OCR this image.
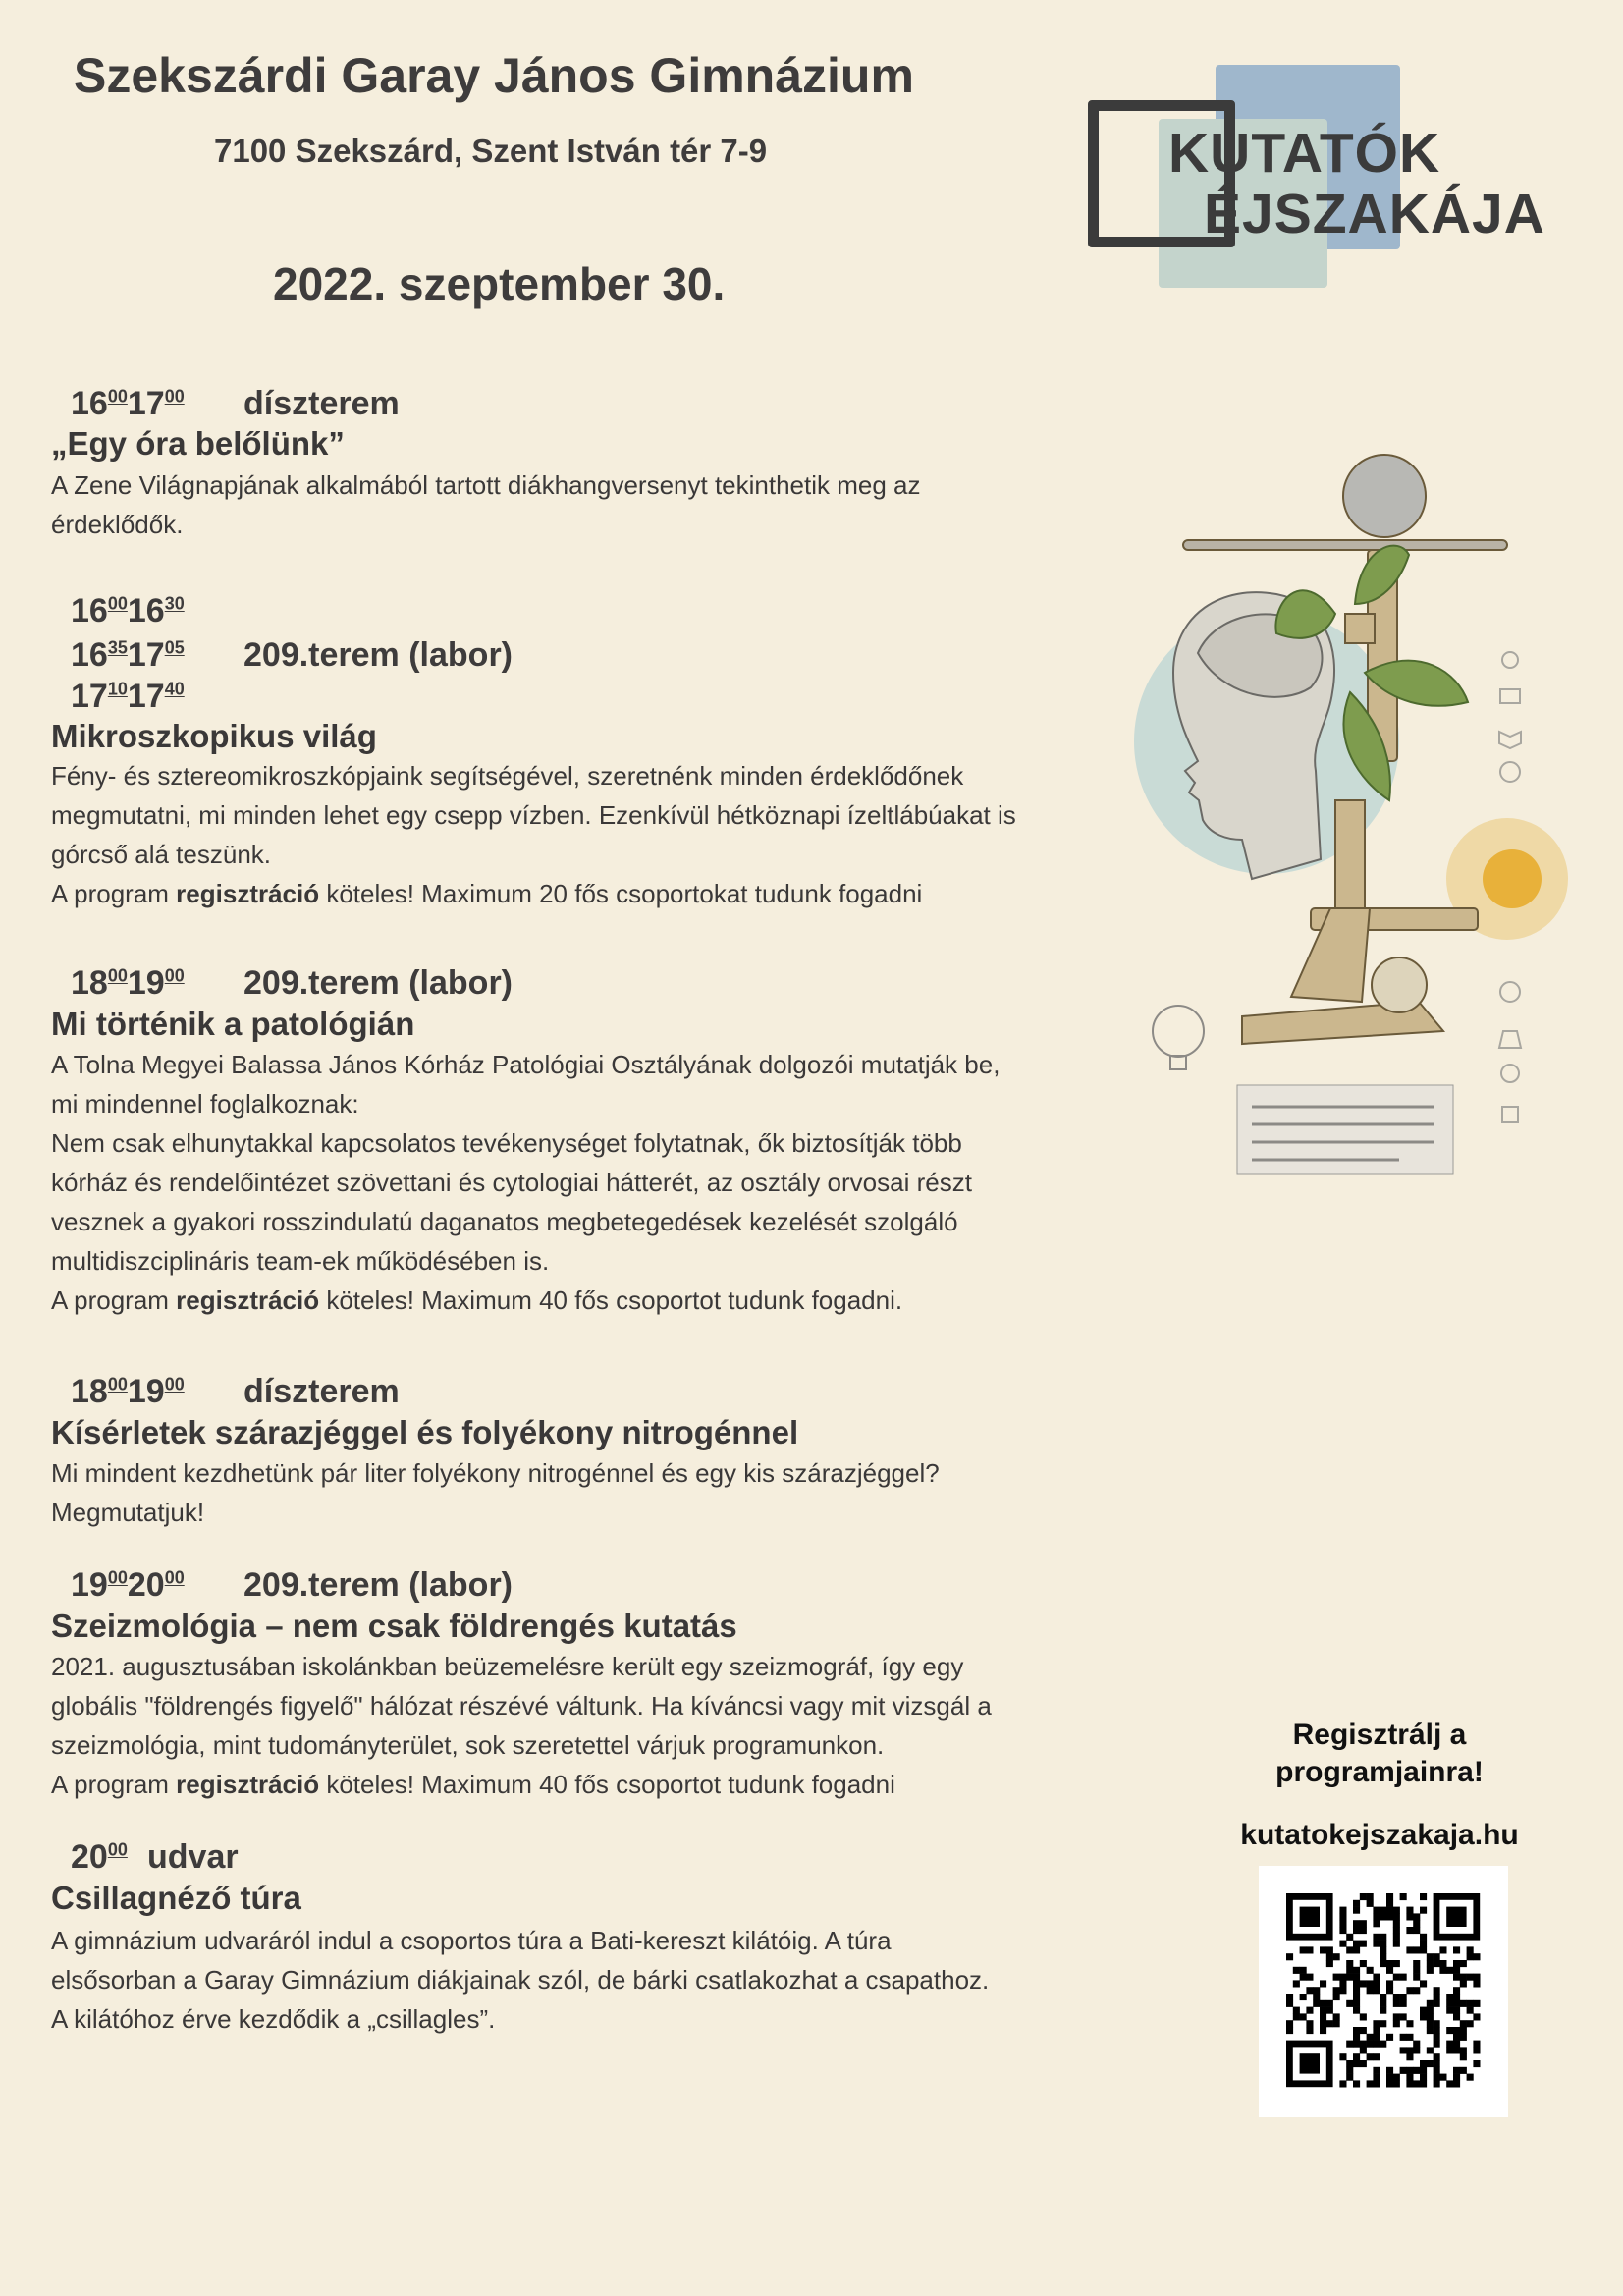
Szekszárdi Garay János Gimnázium
7100 Szekszárd, Szent István tér 7-9
2022. szeptember 30.
KUTATÓK
ÉJSZAKÁJA
$16^{00}17^{00}$ díszterem
„Egy óra belőlünk”

A Zene Világnapjának alkalmából tartott diákhangversenyt tekinthetik meg az érdeklődők.

$16^{00}16^{30}$
$16^{35}17^{05}$
$17^{10}17^{40}$
209.terem (labor)
Mikroszkopikus világ

Fény- és sztereomikroszkópjaink segítségével, szeretnénk minden érdeklődőnek megmutatni, mi minden lehet egy csepp vízben. Ezenkívül hétköznapi ízeltlábúakat is górcső alá teszünk.

A program regisztráció köteles! Maximum 20 fős csoportokat tudunk fogadni

$18^{00}19^{00}$ 209.terem (labor)
Mi történik a patológián

A Tolna Megyei Balassa János Kórház Patológiai Osztályának dolgozói mutatják be, mi mindennel foglalkoznak:

Nem csak elhunytakkal kapcsolatos tevékenységet folytatnak, ők biztosítják több kórház és rendelőintézet szövettani és cytologiai hátterét, az osztály orvosai részt vesznek a gyakori rosszindulatú daganatos megbetegedések kezelését szolgáló multidiszciplináris team-ek működésében is.

A program regisztráció köteles! Maximum 40 fős csoportot tudunk fogadni.

$18^{00}19^{00}$ díszterem
Kísérletek szárazjéggel és folyékony nitrogénnel

Mi mindent kezdhetünk pár liter folyékony nitrogénnel és egy kis szárazjéggel? Megmutatjuk!

$19^{00}20^{00}$ 209.terem (labor)
Szeizmológia – nem csak földrengés kutatás

2021. augusztusában iskolánkban beüzemelésre került egy szeizmográf, így egy globális "földrengés figyelő" hálózat részévé váltunk. Ha kíváncsi vagy mit vizsgál a szeizmológia, mint tudományterület, sok szeretettel várjuk programunkon.

A program regisztráció köteles! Maximum 40 fős csoportot tudunk fogadni

$20^{00}$ udvar
Csillagnéző túra

A gimnázium udvaráról indul a csoportos túra a Bati-kereszt kilátóig. A túra elsősorban a Garay Gimnázium diákjainak szól, de bárki csatlakozhat a csapathoz. A kilátóhoz érve kezdődik a „csillagles”.

Regisztrálj a
programjainra!
kutatokejszakaja.hu
